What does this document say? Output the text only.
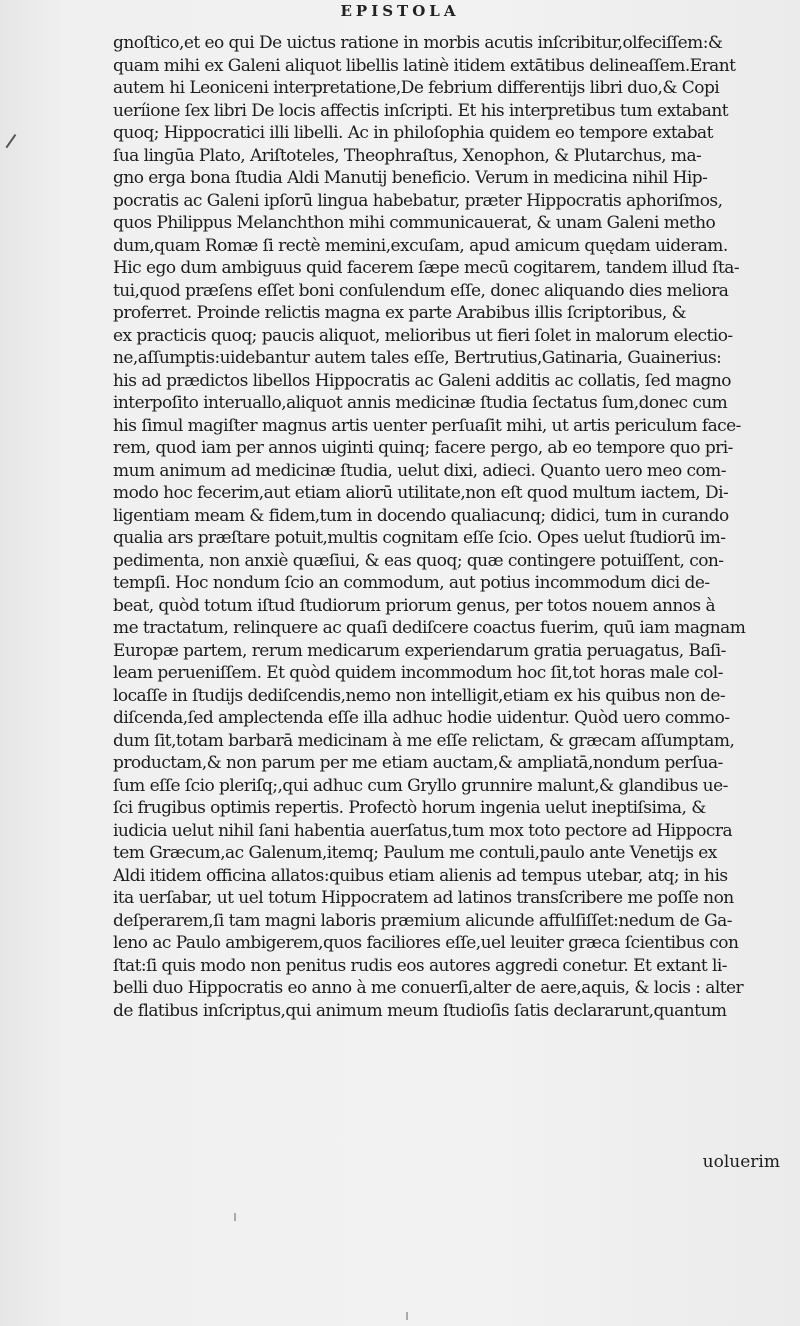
EPISTOLA
gnoſtico,et eo qui De uictus ratione in morbis acutis inſcribitur,olfeciſſem:&
quam mihi ex Galeni aliquot libellis latinè itidem extātibus delineaſſem.Erant
autem hi Leoniceni interpretatione,De febrium differentijs libri duo,& Copi
ueríione ſex libri De locis affectis inſcripti. Et his interpretibus tum extabant
quoq; Hippocratici illi libelli. Ac in philoſophia quidem eo tempore extabat
ſua lingūa Plato, Ariſtoteles, Theophraſtus, Xenophon, & Plutarchus, ma-
gno erga bona ſtudia Aldi Manutij beneficio. Verum in medicina nihil Hip-
pocratis ac Galeni ipſorū lingua habebatur, præter Hippocratis aphoriſmos,
quos Philippus Melanchthon mihi communicauerat, & unam Galeni metho
dum,quam Romæ ſi rectè memini,excuſam, apud amicum quędam uideram.
Hic ego dum ambiguus quid facerem ſæpe mecū cogitarem, tandem illud ſta-
tui,quod præſens eſſet boni conſulendum eſſe, donec aliquando dies meliora
proferret. Proinde relictis magna ex parte Arabibus illis ſcriptoribus, &
ex practicis quoq; paucis aliquot, melioribus ut fieri ſolet in malorum electio-
ne,aſſumptis:uidebantur autem tales eſſe, Bertrutius,Gatinaria, Guainerius:
his ad prædictos libellos Hippocratis ac Galeni additis ac collatis, ſed magno
interpoſito interuallo,aliquot annis medicinæ ſtudia ſectatus ſum,donec cum
his ſimul magiſter magnus artis uenter perſuaſit mihi, ut artis periculum face-
rem, quod iam per annos uiginti quinq; facere pergo, ab eo tempore quo pri-
mum animum ad medicinæ ſtudia, uelut dixi, adieci. Quanto uero meo com-
modo hoc fecerim,aut etiam aliorū utilitate,non eſt quod multum iactem, Di-
ligentiam meam & fidem,tum in docendo qualiacunq; didici, tum in curando
qualia ars præſtare potuit,multis cognitam eſſe ſcio. Opes uelut ſtudiorū im-
pedimenta, non anxiè quæſiui, & eas quoq; quæ contingere potuiſſent, con-
tempſi. Hoc nondum ſcio an commodum, aut potius incommodum dici de-
beat, quòd totum iſtud ſtudiorum priorum genus, per totos nouem annos à
me tractatum, relinquere ac quaſi dediſcere coactus fuerim, quū iam magnam
Europæ partem, rerum medicarum experiendarum gratia peruagatus, Baſi-
leam perueniſſem. Et quòd quidem incommodum hoc ſit,tot horas male col-
locaſſe in ſtudijs dediſcendis,nemo non intelligit,etiam ex his quibus non de-
diſcenda,ſed amplectenda eſſe illa adhuc hodie uidentur. Quòd uero commo-
dum ſit,totam barbarā medicinam à me eſſe relictam, & græcam aſſumptam,
productam,& non parum per me etiam auctam,& ampliatā,nondum perſua-
ſum eſſe ſcio pleriſq;,qui adhuc cum Gryllo grunnire malunt,& glandibus ue-
ſci frugibus optimis repertis. Profectò horum ingenia uelut ineptiſsima, &
iudicia uelut nihil ſani habentia auerſatus,tum mox toto pectore ad Hippocra
tem Græcum,ac Galenum,itemq; Paulum me contuli,paulo ante Venetijs ex
Aldi itidem officina allatos:quibus etiam alienis ad tempus utebar, atq; in his
ita uerſabar, ut uel totum Hippocratem ad latinos transſcribere me poſſe non
deſperarem,ſi tam magni laboris præmium alicunde affulſiſſet:nedum de Ga-
leno ac Paulo ambigerem,quos faciliores eſſe,uel leuiter græca ſcientibus con
ſtat:ſi quis modo non penitus rudis eos autores aggredi conetur. Et extant li-
belli duo Hippocratis eo anno à me conuerſi,alter de aere,aquis, & locis : alter
de flatibus inſcriptus,qui animum meum ſtudioſis ſatis declararunt,quantum
uoluerim
